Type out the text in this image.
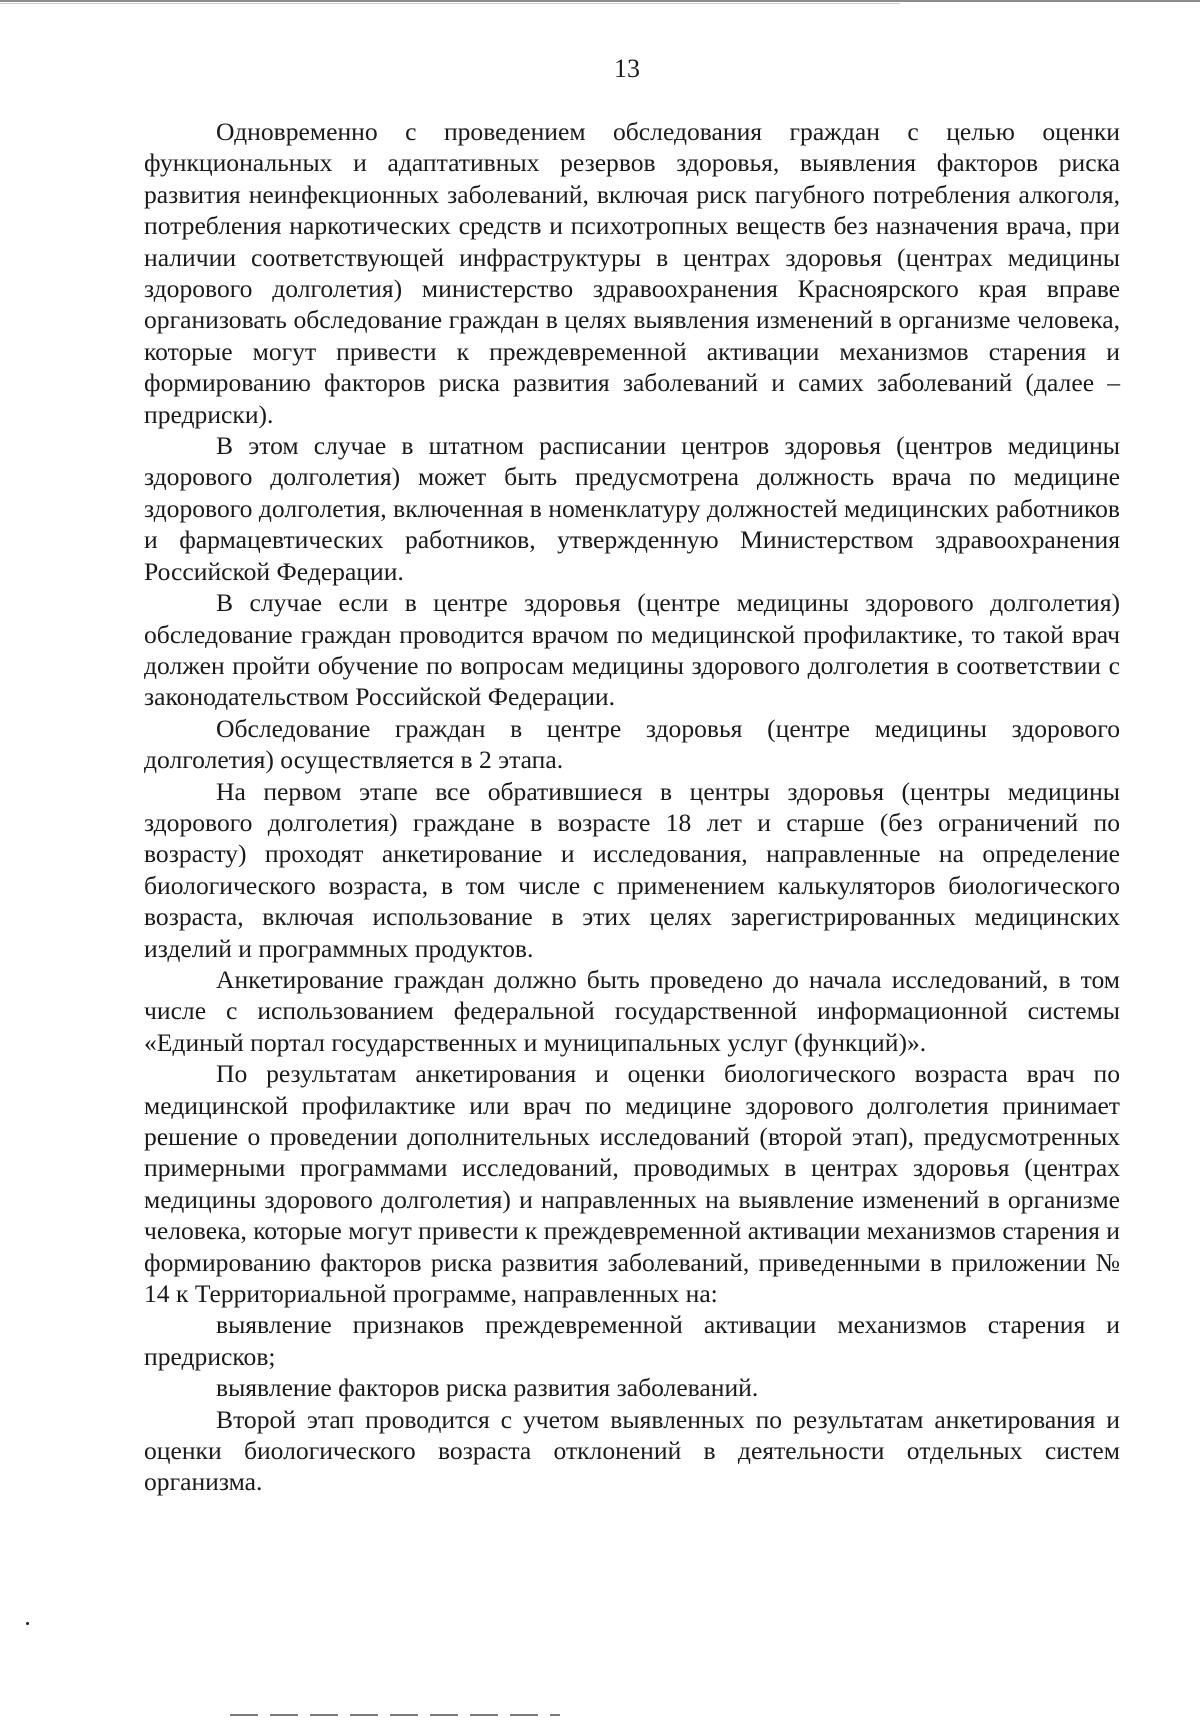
13

Одновременно с проведением обследования граждан с целью оценки функциональных и адаптативных резервов здоровья, выявления факторов риска развития неинфекционных заболеваний, включая риск пагубного потребления алкоголя, потребления наркотических средств и психотропных веществ без назначения врача, при наличии соответствующей инфраструктуры в центрах здоровья (центрах медицины здорового долголетия) министерство здравоохранения Красноярского края вправе организовать обследование граждан в целях выявления изменений в организме человека, которые могут привести к преждевременной активации механизмов старения и формированию факторов риска развития заболеваний и самих заболеваний (далее – предриски).

В этом случае в штатном расписании центров здоровья (центров медицины здорового долголетия) может быть предусмотрена должность врача по медицине здорового долголетия, включенная в номенклатуру должностей медицинских работников и фармацевтических работников, утвержденную Министерством здравоохранения Российской Федерации.

В случае если в центре здоровья (центре медицины здорового долголетия) обследование граждан проводится врачом по медицинской профилактике, то такой врач должен пройти обучение по вопросам медицины здорового долголетия в соответствии с законодательством Российской Федерации.

Обследование граждан в центре здоровья (центре медицины здорового долголетия) осуществляется в 2 этапа.

На первом этапе все обратившиеся в центры здоровья (центры медицины здорового долголетия) граждане в возрасте 18 лет и старше (без ограничений по возрасту) проходят анкетирование и исследования, направленные на определение биологического возраста, в том числе с применением калькуляторов биологического возраста, включая использование в этих целях зарегистрированных медицинских изделий и программных продуктов.

Анкетирование граждан должно быть проведено до начала исследований, в том числе с использованием федеральной государственной информационной системы «Единый портал государственных и муниципальных услуг (функций)».

По результатам анкетирования и оценки биологического возраста врач по медицинской профилактике или врач по медицине здорового долголетия принимает решение о проведении дополнительных исследований (второй этап), предусмотренных примерными программами исследований, проводимых в центрах здоровья (центрах медицины здорового долголетия) и направленных на выявление изменений в организме человека, которые могут привести к преждевременной активации механизмов старения и формированию факторов риска развития заболеваний, приведенными в приложении № 14 к Территориальной программе, направленных на:

выявление признаков преждевременной активации механизмов старения и предрисков;

выявление факторов риска развития заболеваний.

Второй этап проводится с учетом выявленных по результатам анкетирования и оценки биологического возраста отклонений в деятельности отдельных систем организма.
